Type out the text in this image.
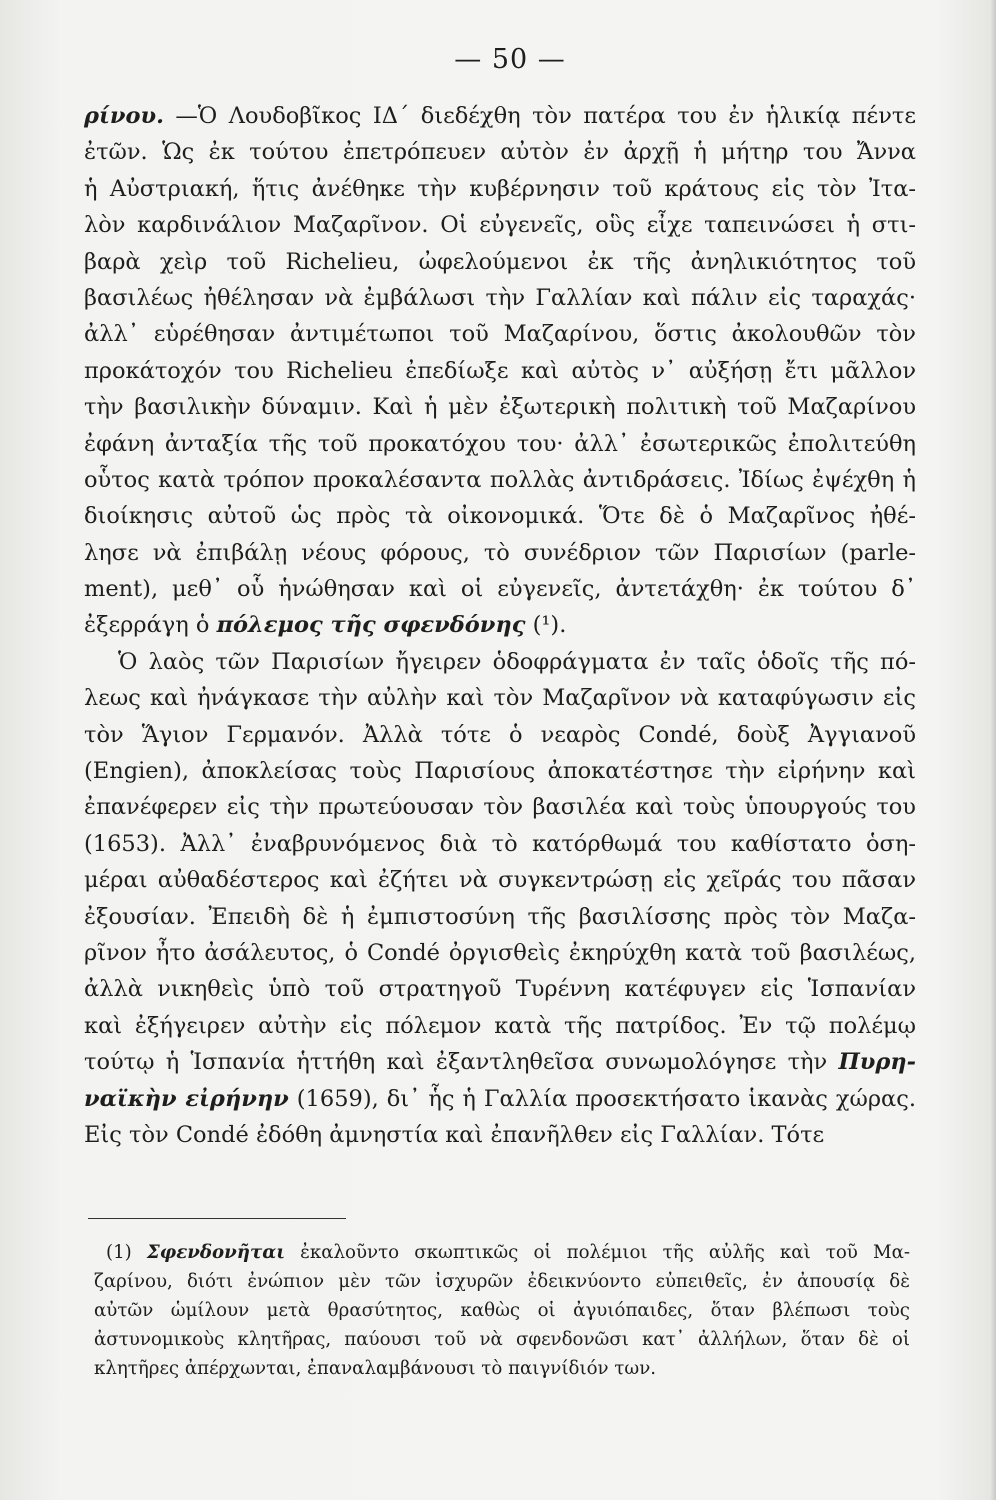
— 50 —
ρίνου. —Ὁ Λουδοβῖκος ΙΔ΄ διεδέχθη τὸν πατέρα του ἐν ἡλικίᾳ πέντε
ἐτῶν. Ὡς ἐκ τούτου ἐπετρόπευεν αὐτὸν ἐν ἀρχῇ ἡ μήτηρ του Ἄννα
ἡ Αὐστριακή, ἥτις ἀνέθηκε τὴν κυβέρνησιν τοῦ κράτους εἰς τὸν Ἰτα-
λὸν καρδινάλιον Μαζαρῖνον. Οἱ εὐγενεῖς, οὓς εἶχε ταπεινώσει ἡ στι-
βαρὰ χεὶρ τοῦ Richelieu, ὠφελούμενοι ἐκ τῆς ἀνηλικιότητος τοῦ
βασιλέως ἠθέλησαν νὰ ἐμβάλωσι τὴν Γαλλίαν καὶ πάλιν εἰς ταραχάς·
ἀλλ᾽ εὑρέθησαν ἀντιμέτωποι τοῦ Μαζαρίνου, ὅστις ἀκολουθῶν τὸν
προκάτοχόν του Richelieu ἐπεδίωξε καὶ αὐτὸς ν᾽ αὐξήσῃ ἔτι μᾶλλον
τὴν βασιλικὴν δύναμιν. Καὶ ἡ μὲν ἐξωτερικὴ πολιτικὴ τοῦ Μαζαρίνου
ἐφάνη ἀνταξία τῆς τοῦ προκατόχου του· ἀλλ᾽ ἐσωτερικῶς ἐπολιτεύθη
οὗτος κατὰ τρόπον προκαλέσαντα πολλὰς ἀντιδράσεις. Ἰδίως ἐψέχθη ἡ
διοίκησις αὐτοῦ ὡς πρὸς τὰ οἰκονομικά. Ὅτε δὲ ὁ Μαζαρῖνος ἠθέ-
λησε νὰ ἐπιβάλῃ νέους φόρους, τὸ συνέδριον τῶν Παρισίων (parle-
ment), μεθ᾽ οὗ ἡνώθησαν καὶ οἱ εὐγενεῖς, ἀντετάχθη· ἐκ τούτου δ᾽
ἐξερράγη ὁ πόλεμος τῆς σφενδόνης (¹).
Ὁ λαὸς τῶν Παρισίων ἤγειρεν ὁδοφράγματα ἐν ταῖς ὁδοῖς τῆς πό-
λεως καὶ ἠνάγκασε τὴν αὐλὴν καὶ τὸν Μαζαρῖνον νὰ καταφύγωσιν εἰς
τὸν Ἅγιον Γερμανόν. Ἀλλὰ τότε ὁ νεαρὸς Condé, δοὺξ Ἀγγιανοῦ
(Engien), ἀποκλείσας τοὺς Παρισίους ἀποκατέστησε τὴν εἰρήνην καὶ
ἐπανέφερεν εἰς τὴν πρωτεύουσαν τὸν βασιλέα καὶ τοὺς ὑπουργούς του
(1653). Ἀλλ᾽ ἐναβρυνόμενος διὰ τὸ κατόρθωμά του καθίστατο ὁση-
μέραι αὐθαδέστερος καὶ ἐζήτει νὰ συγκεντρώσῃ εἰς χεῖράς του πᾶσαν
ἐξουσίαν. Ἐπειδὴ δὲ ἡ ἐμπιστοσύνη τῆς βασιλίσσης πρὸς τὸν Μαζα-
ρῖνον ἦτο ἀσάλευτος, ὁ Condé ὀργισθεὶς ἐκηρύχθη κατὰ τοῦ βασιλέως,
ἀλλὰ νικηθεὶς ὑπὸ τοῦ στρατηγοῦ Τυρέννη κατέφυγεν εἰς Ἱσπανίαν
καὶ ἐξήγειρεν αὐτὴν εἰς πόλεμον κατὰ τῆς πατρίδος. Ἐν τῷ πολέμῳ
τούτῳ ἡ Ἱσπανία ἡττήθη καὶ ἐξαντληθεῖσα συνωμολόγησε τὴν Πυρη-
ναϊκὴν εἰρήνην (1659), δι᾽ ἧς ἡ Γαλλία προσεκτήσατο ἱκανὰς χώρας.
Εἰς τὸν Condé ἐδόθη ἀμνηστία καὶ ἐπανῆλθεν εἰς Γαλλίαν. Τότε
(1) Σφενδονῆται ἐκαλοῦντο σκωπτικῶς οἱ πολέμιοι τῆς αὐλῆς καὶ τοῦ Μα-
ζαρίνου, διότι ἐνώπιον μὲν τῶν ἰσχυρῶν ἐδεικνύοντο εὐπειθεῖς, ἐν ἀπουσίᾳ δὲ
αὐτῶν ὡμίλουν μετὰ θρασύτητος, καθὼς οἱ ἀγυιόπαιδες, ὅταν βλέπωσι τοὺς
ἀστυνομικοὺς κλητῆρας, παύουσι τοῦ νὰ σφενδονῶσι κατ᾽ ἀλλήλων, ὅταν δὲ οἱ
κλητῆρες ἀπέρχωνται, ἐπαναλαμβάνουσι τὸ παιγνίδιόν των.
